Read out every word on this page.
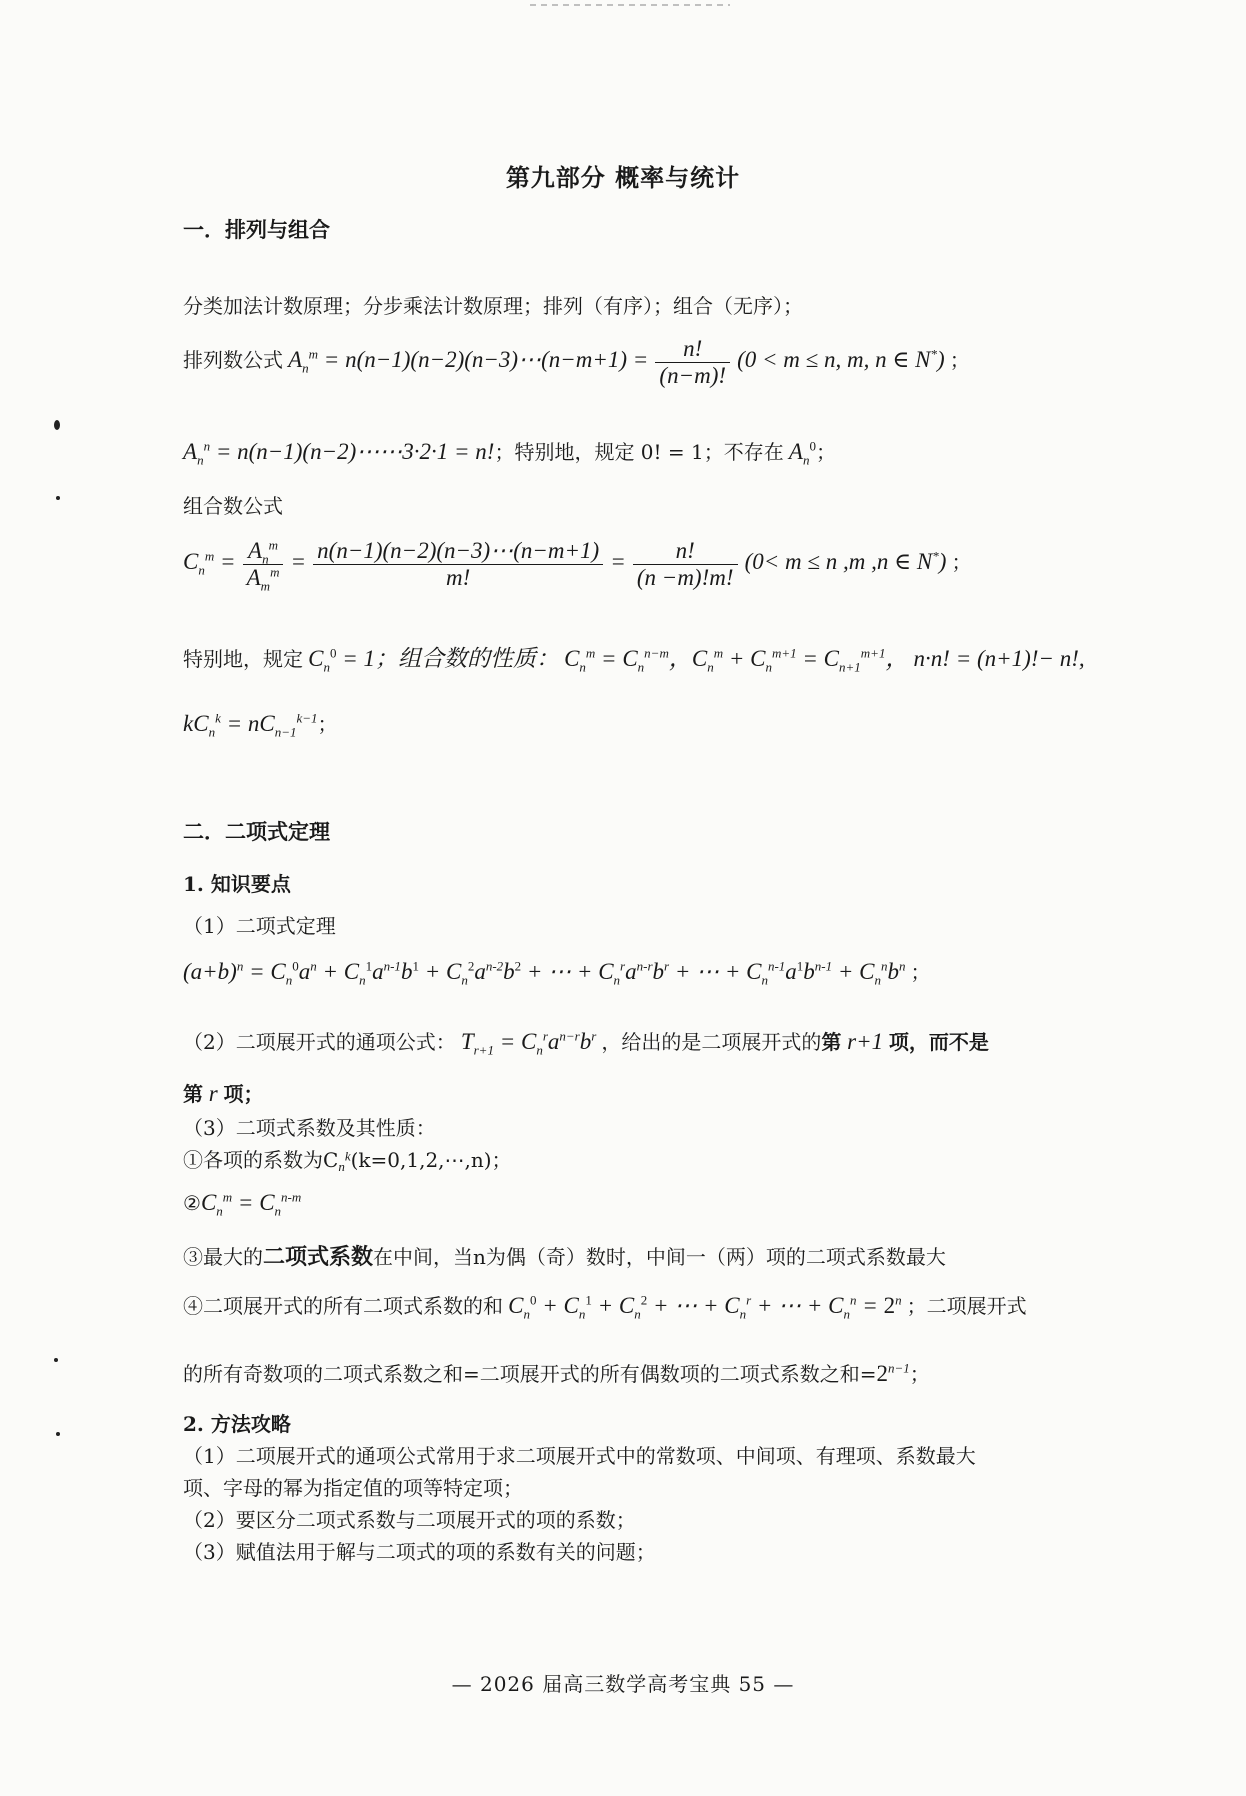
第九部分 概率与统计
一．排列与组合
分类加法计数原理；分步乘法计数原理；排列（有序）；组合（无序）；
排列数公式 $A_n^m$ = n(n−1)(n−2)(n−3)⋯(n−m+1) = $\frac{n!}{(n-m)!} (0 < m \le n$, m, n ∈ N*) ；
$A_n^n$ = n(n−1)(n−2)⋯⋯3·2·1 = n!；特别地，规定 0! = 1；不存在 $A_n^0$；
组合数公式
$C_n^m = \frac{A_n^m}{A_m^m} = \frac{n(n-1)(n-2)(n-3)\cdots(n-m+1)}{m!} = \frac{n!}{(n -m)!m!} (0< m \le n$ ,m ,n ∈ N*) ；
特别地，规定 $C_n^0 = 1$；组合数的性质： $C_n^m = C_n^{n-m}$，$C_n^m + C_n^{m+1} = C_{n+1}^{m+1}$， n·n! = (n+1)!− n!,
$kC_n^k = nC_{n-1}^{k-1}$；
二．二项式定理
1. 知识要点
（1）二项式定理
$(a+b)^n = C_n^0a^n + C_n^1a^{n-1}b^1 + C_n^2a^{n-2}b^2$ + ⋯ + $C_n^ra^{n-r}b^r$ + ⋯ + $C_n^{n-1}a^1b^{n-1} + C_n^nb^n$ ；
（2）二项展开式的通项公式： $T_{r+1} = C_n^ra^{n-r}b^r$ ，给出的是二项展开式的第 r+1 项，而不是
第 r 项；
（3）二项式系数及其性质：
①各项的系数为$C_n^k(k=0,1,2,\cdots,n)$；
$②C_n^m = C_n^{n-m}$
③最大的二项式系数在中间，当n为偶（奇）数时，中间一（两）项的二项式系数最大
④二项展开式的所有二项式系数的和 $C_n^0 + C_n^1 + C_n^2$ + ⋯ + $C_n^r$ + ⋯ + $C_n^n = 2^n$ ；二项展开式
的所有奇数项的二项式系数之和=二项展开式的所有偶数项的二项式系数之和$=2^{n-1}$；
2. 方法攻略
（1）二项展开式的通项公式常用于求二项展开式中的常数项、中间项、有理项、系数最大
项、字母的幂为指定值的项等特定项；
（2）要区分二项式系数与二项展开式的项的系数；
（3）赋值法用于解与二项式的项的系数有关的问题；
— 2026 届高三数学高考宝典 55 —
